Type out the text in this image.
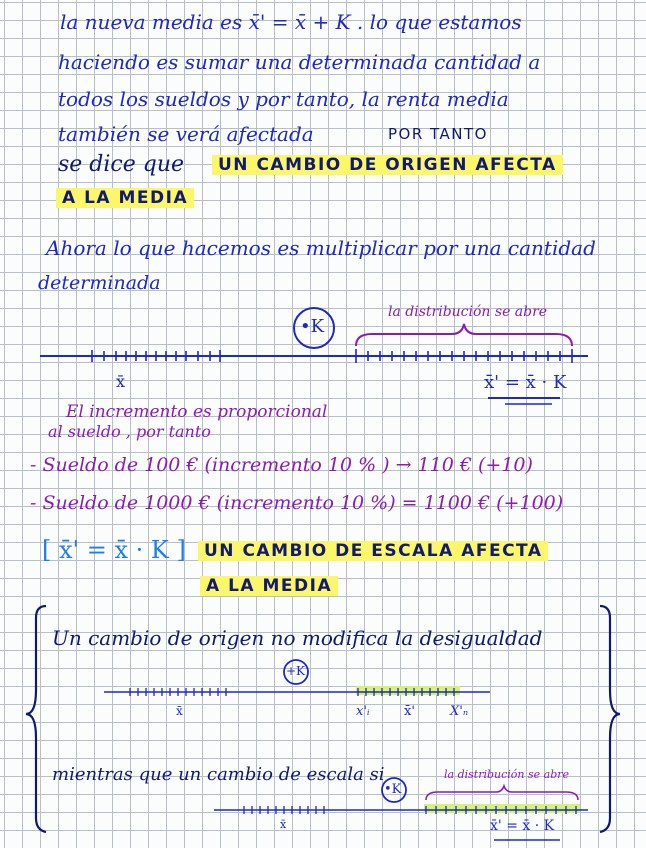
la nueva media es x̄' = x̄ + K . lo que estamos
haciendo es sumar una determinada cantidad a
todos los sueldos y por tanto, la renta media
también se verá afectada	POR TANTO
se dice que	UN CAMBIO DE ORIGEN AFECTA
A LA MEDIA
Ahora lo que hacemos es multiplicar por una cantidad
determinada
•K
la distribución se abre
x̄	x̄' = x̄ · K
El incremento es proporcional
al sueldo , por tanto
- Sueldo de 100 € (incremento 10 % ) → 110 € (+10)
- Sueldo de 1000 € (incremento 10 %) = 1100 € (+100)
[ x̄' = x̄ · K ]	UN CAMBIO DE ESCALA AFECTA
A LA MEDIA
Un cambio de origen no modifica la desigualdad
+K
x̄	x'ᵢ	x̄'	X'ₙ
mientras que un cambio de escala si
•K
la distribución se abre
x̄	x̄' = x̄ · K
